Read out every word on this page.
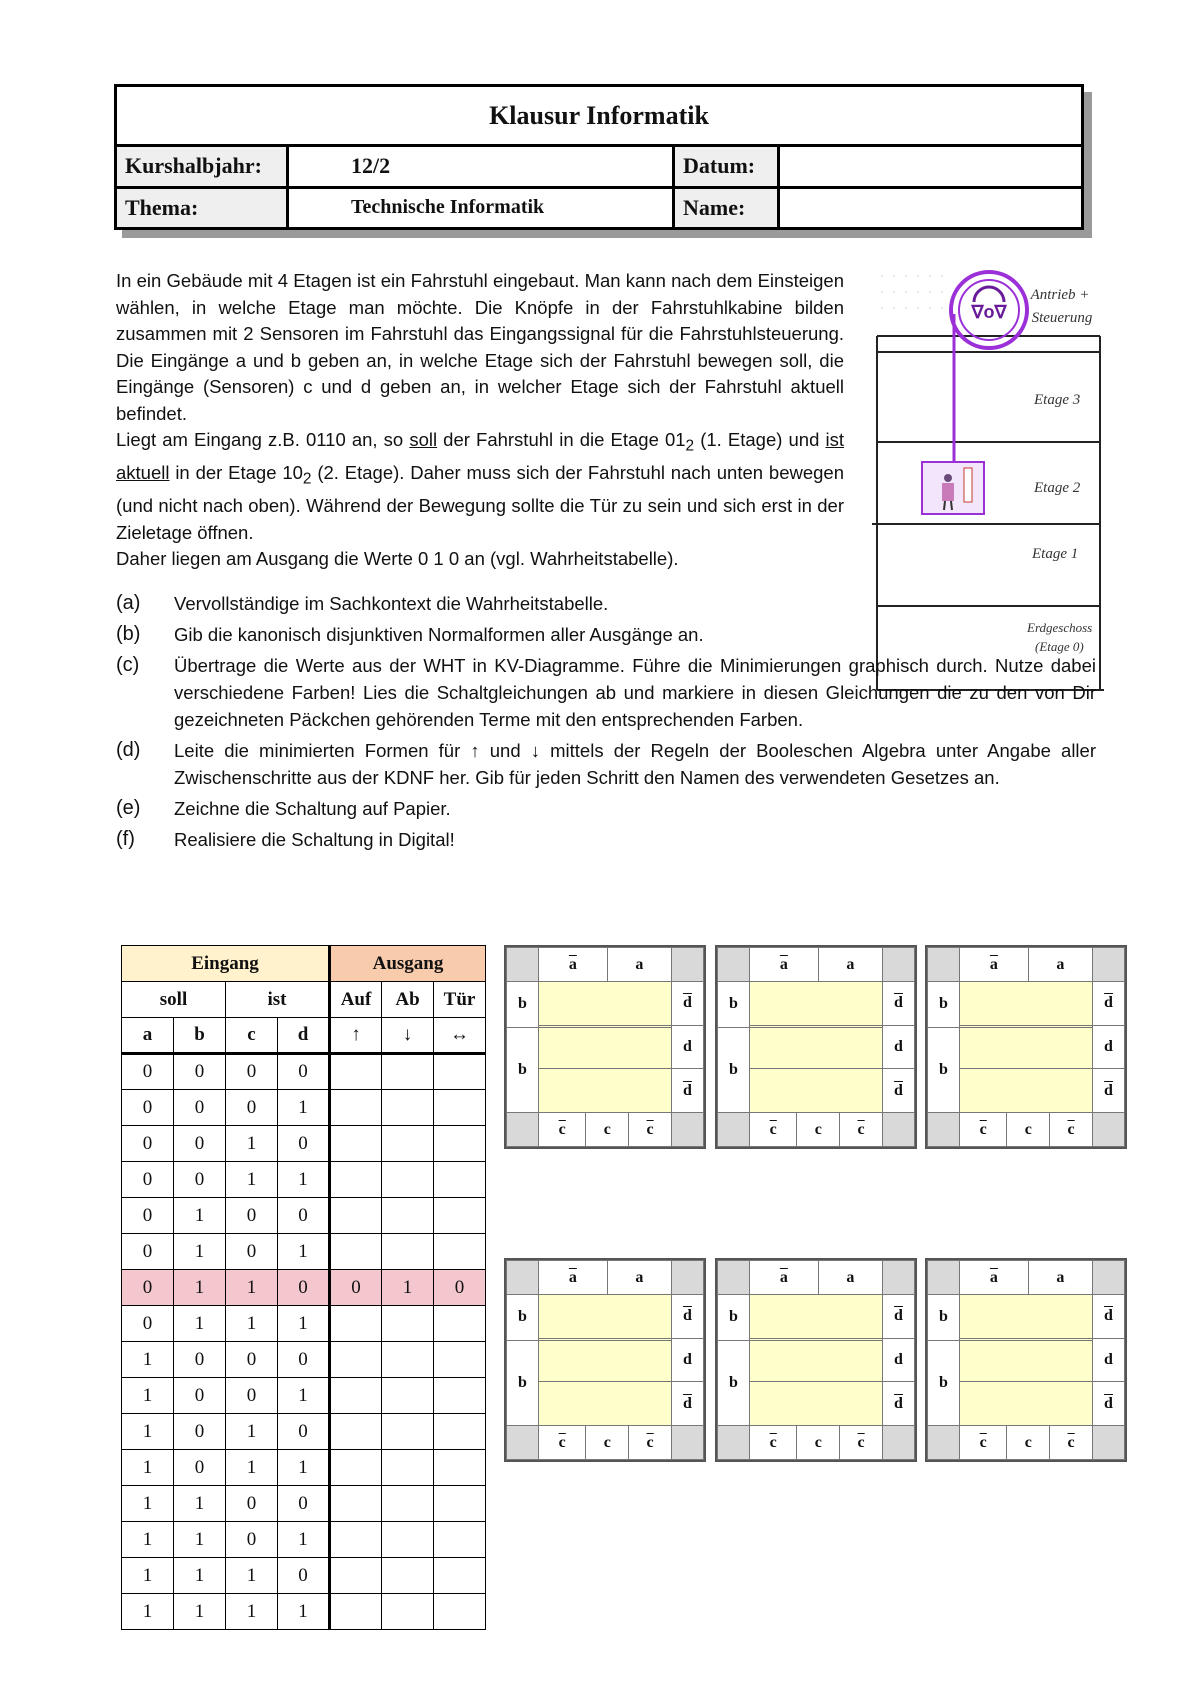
Klausur Informatik			
Kurshalbjahr:	12/2	Datum:	
Thema:	Technische Informatik	Name:	

In ein Gebäude mit 4 Etagen ist ein Fahrstuhl eingebaut. Man kann nach dem Einsteigen wählen, in welche Etage man möchte. Die Knöpfe in der Fahrstuhlkabine bilden zusammen mit 2 Sensoren im Fahrstuhl das Eingangssignal für die Fahrstuhlsteuerung. Die Eingänge a und b geben an, in welche Etage sich der Fahrstuhl bewegen soll, die Eingänge (Sensoren) c und d geben an, in welcher Etage sich der Fahrstuhl aktuell befindet.

Liegt am Eingang z.B. 0110 an, so soll der Fahrstuhl in die Etage $01_2$ (1. Etage) und ist aktuell in der Etage $10_2$ (2. Etage). Daher muss sich der Fahrstuhl nach unten bewegen (und nicht nach oben). Während der Bewegung sollte die Tür zu sein und sich erst in der Zieletage öffnen.

Daher liegen am Ausgang die Werte 0 1 0 an (vgl. Wahrheitstabelle).

∇o∇
Antrieb +
Steuerung
Etage 3
Etage 2
Etage 1
Erdgeschoss
(Etage 0)
(a)	Vervollständige im Sachkontext die Wahrheitstabelle.
(b)	Gib die kanonisch disjunktiven Normalformen aller Ausgänge an.
(c)	Übertrage die Werte aus der WHT in KV-Diagramme. Führe die Minimierungen graphisch durch. Nutze dabei verschiedene Farben! Lies die Schaltgleichungen ab und markiere in diesen Gleichungen die zu den von Dir gezeichneten Päckchen gehörenden Terme mit den entsprechenden Farben.
(d)	Leite die minimierten Formen für ↑ und ↓ mittels der Regeln der Booleschen Algebra unter Angabe aller Zwischenschritte aus der KDNF her. Gib für jeden Schritt den Namen des verwendeten Gesetzes an.
(e)	Zeichne die Schaltung auf Papier.
(f)	Realisiere die Schaltung in Digital!
Eingang				Ausgang		
soll		ist		Auf	Ab	Tür
a	b	c	d	↑	↓	↔
0	0	0	0			
0	0	0	1			
0	0	1	0			
0	0	1	1			
0	1	0	0			
0	1	0	1			
0	1	1	0	0	1	0
0	1	1	1			
1	0	0	0			
1	0	0	1			
1	0	1	0			
1	0	1	1			
1	1	0	0			
1	1	0	1			
1	1	1	0			
1	1	1	1			
	$\overline{a}$		a		
b					$\overline{d}$
					d
b					
					$\overline{d}$
	$\overline{c}$	c		$\overline{c}$	
	$\overline{a}$		a		
b					$\overline{d}$
					d
b					
					$\overline{d}$
	$\overline{c}$	c		$\overline{c}$	
	$\overline{a}$		a		
b					$\overline{d}$
					d
b					
					$\overline{d}$
	$\overline{c}$	c		$\overline{c}$	
	$\overline{a}$		a		
b					$\overline{d}$
					d
b					
					$\overline{d}$
	$\overline{c}$	c		$\overline{c}$	
	$\overline{a}$		a		
b					$\overline{d}$
					d
b					
					$\overline{d}$
	$\overline{c}$	c		$\overline{c}$	
	$\overline{a}$		a		
b					$\overline{d}$
					d
b					
					$\overline{d}$
	$\overline{c}$	c		$\overline{c}$	
